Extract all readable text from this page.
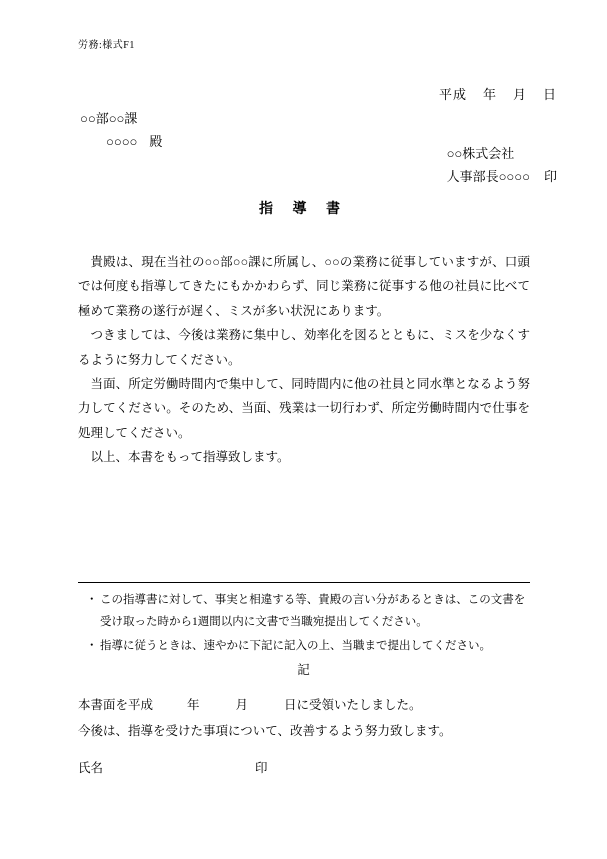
労務:様式F1
平成 年 月 日
○○部○○課
○○○○ 殿
○○株式会社
人事部長○○○○ 印
指 導 書

貴殿は、現在当社の○○部○○課に所属し、○○の業務に従事していますが、口頭では何度も指導してきたにもかかわらず、同じ業務に従事する他の社員に比べて極めて業務の遂行が遅く、ミスが多い状況にあります。

つきましては、今後は業務に集中し、効率化を図るとともに、ミスを少なくするように努力してください。

当面、所定労働時間内で集中して、同時間内に他の社員と同水準となるよう努力してください。そのため、当面、残業は一切行わず、所定労働時間内で仕事を処理してください。

以上、本書をもって指導致します。

・ この指導書に対して、事実と相違する等、貴殿の言い分があるときは、この文書を受け取った時から1週間以内に文書で当職宛提出してください。
・ 指導に従うときは、速やかに下記に記入の上、当職まで提出してください。
記
本書面を平成	年	月	日に受領いたしました。
今後は、指導を受けた事項について、改善するよう努力致します。
氏名	印
